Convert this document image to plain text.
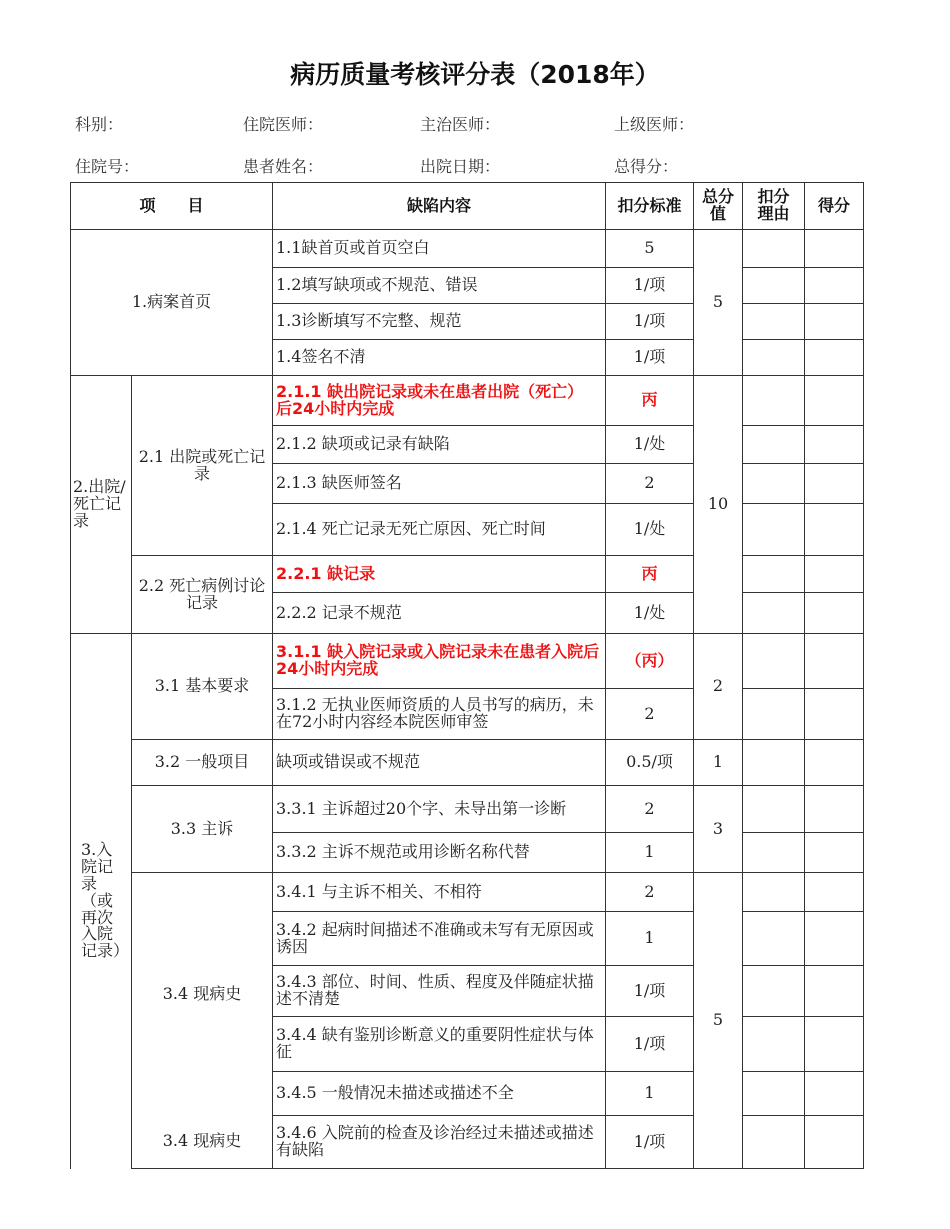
病历质量考核评分表（2018年）
科别：	住院医师：	主治医师：	上级医师：
住院号：	患者姓名：	出院日期：	总得分：
项　　目		缺陷内容	扣分标准	总分值	扣分理由	得分
1.病案首页		1.1缺首页或首页空白	5	5		
		1.2填写缺项或不规范、错误	1/项			
		1.3诊断填写不完整、规范	1/项			
		1.4签名不清	1/项			
2.出院/死亡记录	2.1 出院或死亡记录	2.1.1 缺出院记录或未在患者出院（死亡） 后24小时内完成	丙	10		
		2.1.2 缺项或记录有缺陷	1/处			
		2.1.3 缺医师签名	2			
		2.1.4 死亡记录无死亡原因、死亡时间	1/处			
	2.2 死亡病例讨论记录	2.2.1 缺记录	丙			
		2.2.2 记录不规范	1/处			
3.入院记录（或再次入院记录）	3.1 基本要求	3.1.1 缺入院记录或入院记录未在患者入院后24小时内完成	（丙）	2		
		3.1.2 无执业医师资质的人员书写的病历，未在72小时内容经本院医师审签	2			
	3.2 一般项目	缺项或错误或不规范	0.5/项	1		
	3.3 主诉	3.3.1 主诉超过20个字、未导出第一诊断	2	3		
		3.3.2 主诉不规范或用诊断名称代替	1			
	3.4 现病史	3.4.1 与主诉不相关、不相符	2	5		
		3.4.2 起病时间描述不准确或未写有无原因或诱因	1			
		3.4.3 部位、时间、性质、程度及伴随症状描述不清楚	1/项			
		3.4.4 缺有鉴别诊断意义的重要阴性症状与体征	1/项			
		3.4.5 一般情况未描述或描述不全	1			
	3.4 现病史	3.4.6 入院前的检查及诊治经过未描述或描述有缺陷	1/项			
